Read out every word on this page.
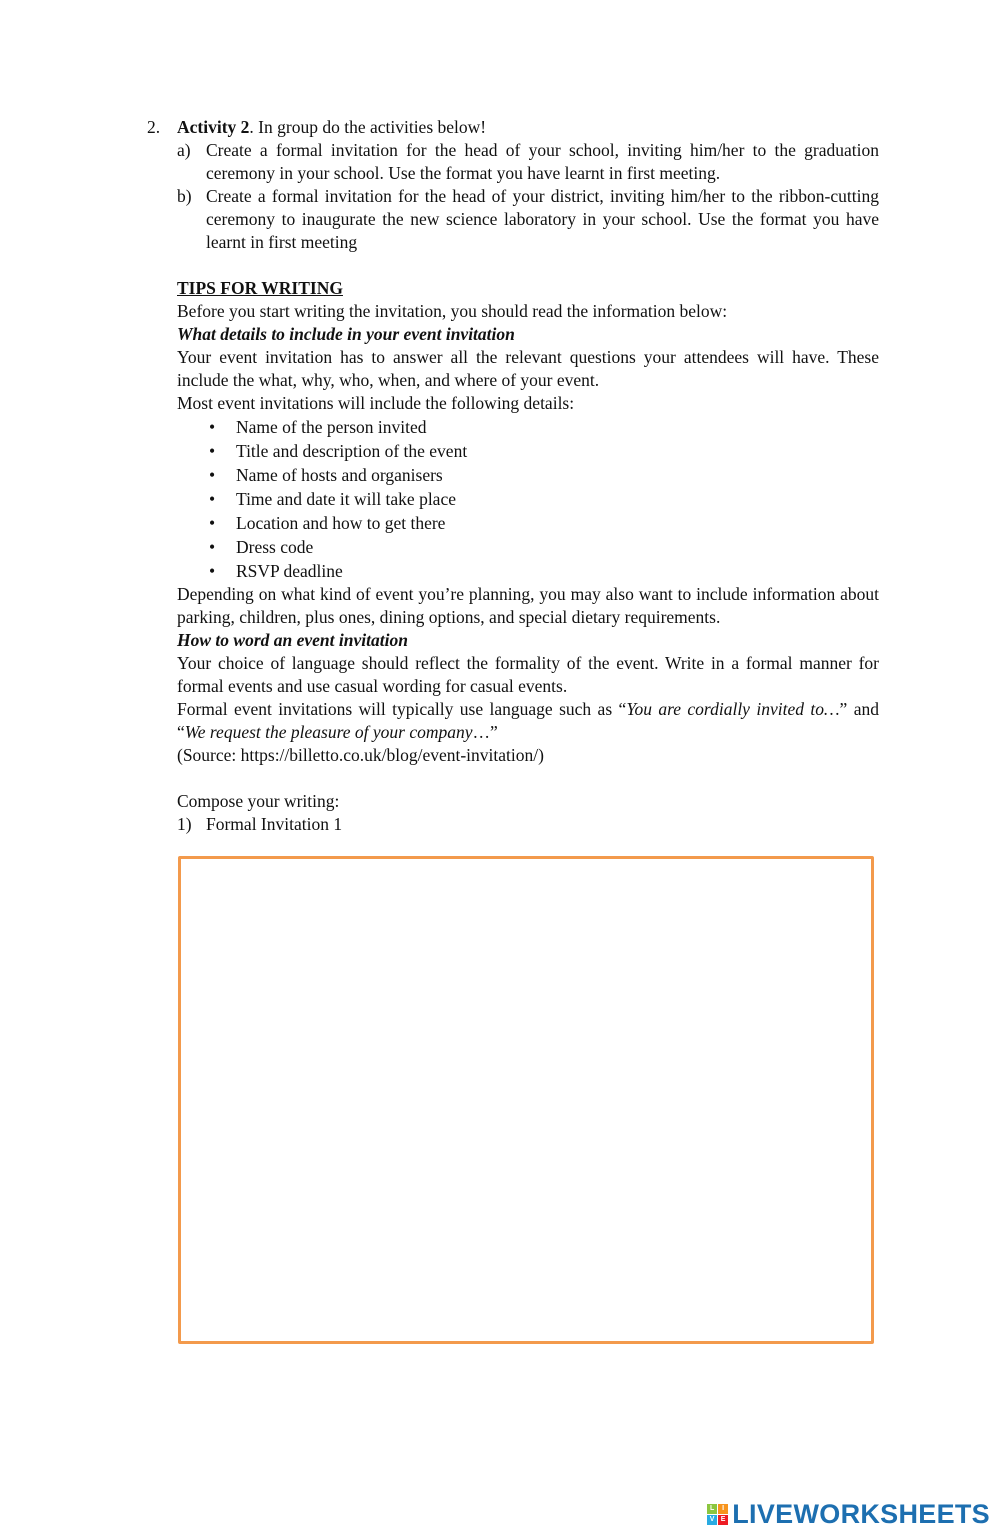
2. Activity 2. In group do the activities below!
a) Create a formal invitation for the head of your school, inviting him/her to the graduation ceremony in your school. Use the format you have learnt in first meeting.
b) Create a formal invitation for the head of your district, inviting him/her to the ribbon-cutting ceremony to inaugurate the new science laboratory in your school. Use the format you have learnt in first meeting
TIPS FOR WRITING
Before you start writing the invitation, you should read the information below:
What details to include in your event invitation
Your event invitation has to answer all the relevant questions your attendees will have. These include the what, why, who, when, and where of your event.
Most event invitations will include the following details:
• Name of the person invited
• Title and description of the event
• Name of hosts and organisers
• Time and date it will take place
• Location and how to get there
• Dress code
• RSVP deadline
Depending on what kind of event you’re planning, you may also want to include information about parking, children, plus ones, dining options, and special dietary requirements.
How to word an event invitation
Your choice of language should reflect the formality of the event. Write in a formal manner for formal events and use casual wording for casual events.
Formal event invitations will typically use language such as “You are cordially invited to…” and “We request the pleasure of your company…”
(Source: https://billetto.co.uk/blog/event-invitation/)
Compose your writing:
1) Formal Invitation 1
L	I
V E LIVEWORKSHEETS
